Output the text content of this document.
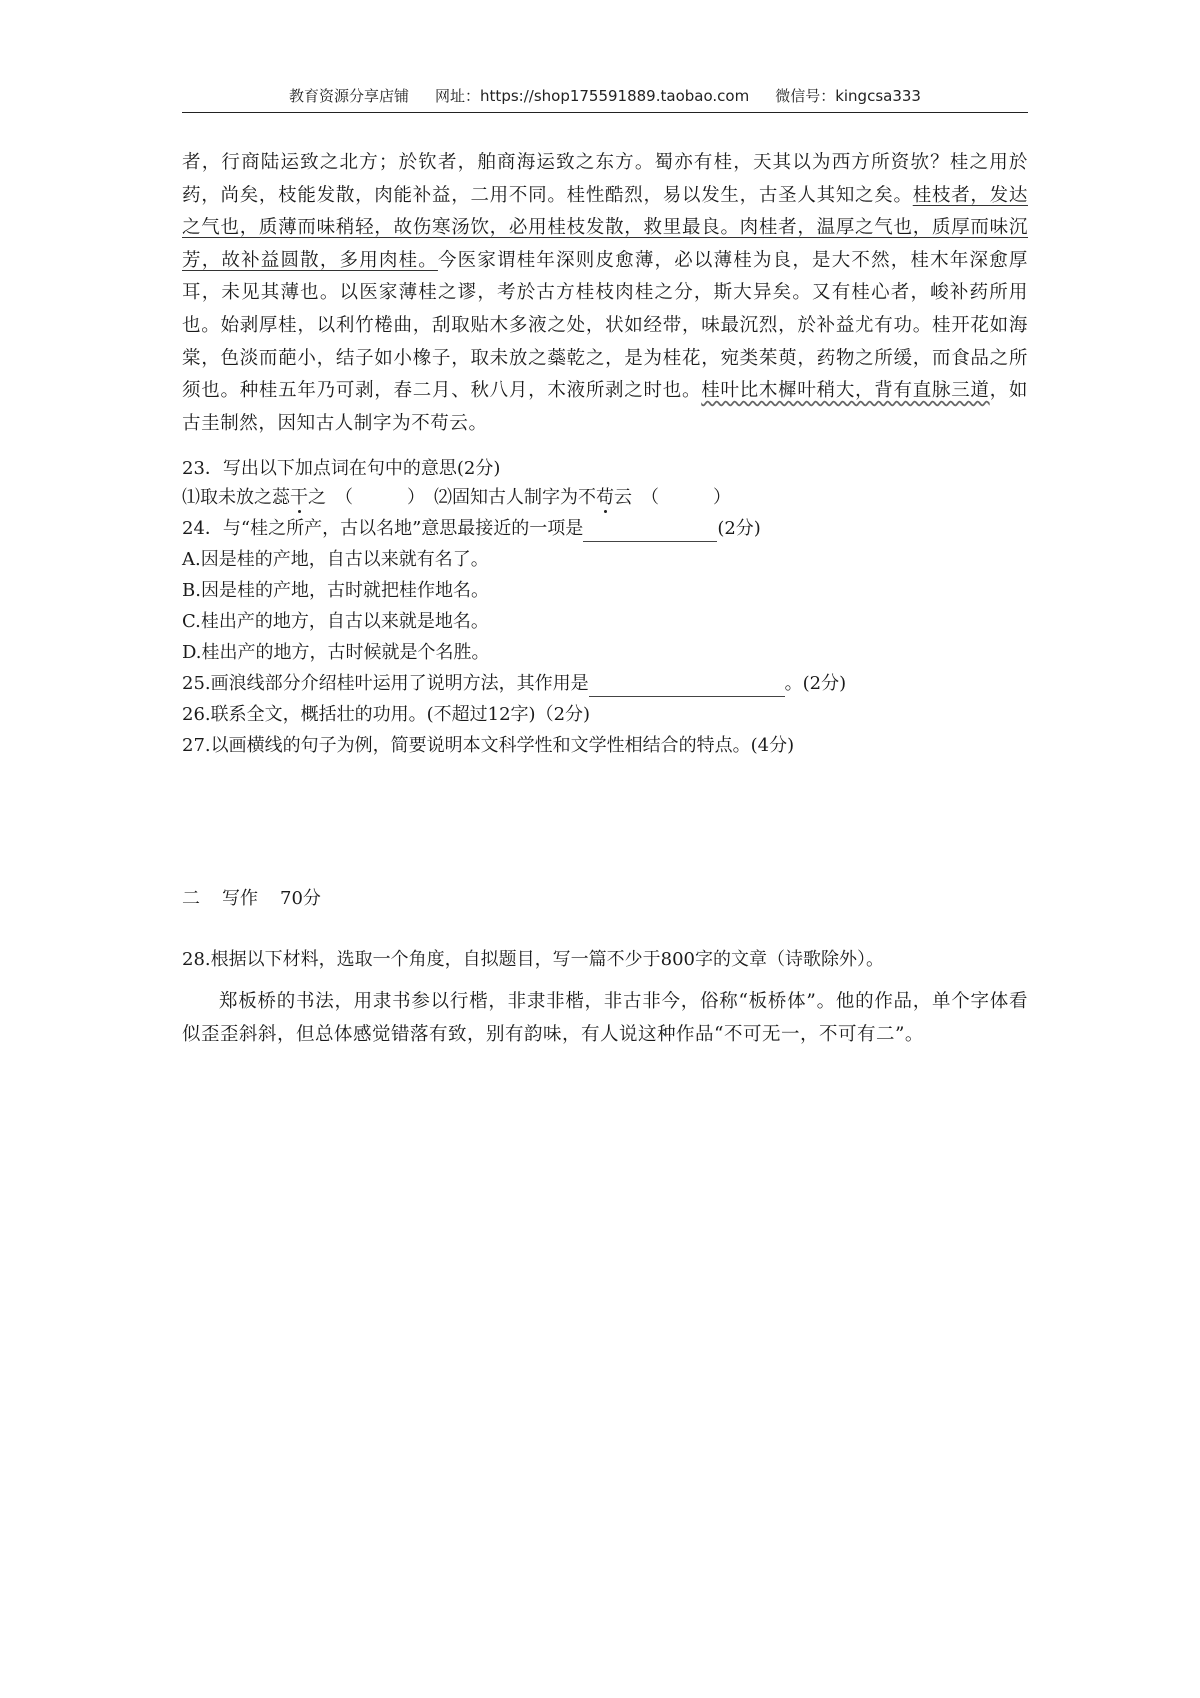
教育资源分享店铺 网址：https://shop175591889.taobao.com 微信号：kingcsa333
者，行商陆运致之北方；於钦者，舶商海运致之东方。蜀亦有桂，天其以为西方所资欤？桂之用於药，尚矣，枝能发散，肉能补益，二用不同。桂性酷烈，易以发生，古圣人其知之矣。桂枝者，发达之气也，质薄而味稍轻，故伤寒汤饮，必用桂枝发散，救里最良。肉桂者，温厚之气也，质厚而味沉芳，故补益圆散，多用肉桂。今医家谓桂年深则皮愈薄，必以薄桂为良，是大不然，桂木年深愈厚耳，未见其薄也。以医家薄桂之谬，考於古方桂枝肉桂之分，斯大异矣。又有桂心者，峻补药所用也。始剥厚桂，以利竹棬曲，刮取贴木多液之处，状如经带，味最沉烈，於补益尤有功。桂开花如海棠，色淡而葩小，结子如小橡子，取未放之蘂乾之，是为桂花，宛类茱萸，药物之所缓，而食品之所须也。种桂五年乃可剥，春二月、秋八月，木液所剥之时也。桂叶比木樨叶稍大，背有直脉三道，如古圭制然，因知古人制字为不苟云。
23．写出以下加点词在句中的意思(2分)
⑴取未放之蕊干之　（	）　⑵固知古人制字为不苟云　（	）
24．与“桂之所产，古以名地”意思最接近的一项是	(2分)
A.因是桂的产地，自古以来就有名了。
B.因是桂的产地，古时就把桂作地名。
C.桂出产的地方，自古以来就是地名。
D.桂出产的地方，古时候就是个名胜。
25.画浪线部分介绍桂叶运用了说明方法，其作用是	。(2分)
26.联系全文，概括壮的功用。(不超过12字)（2分)
27.以画横线的句子为例，简要说明本文科学性和文学性相结合的特点。(4分)
二 写作 70分
28.根据以下材料，选取一个角度，自拟题目，写一篇不少于800字的文章（诗歌除外）。
郑板桥的书法，用隶书参以行楷，非隶非楷，非古非今，俗称“板桥体”。他的作品，单个字体看似歪歪斜斜，但总体感觉错落有致，别有韵味，有人说这种作品“不可无一，不可有二”。
